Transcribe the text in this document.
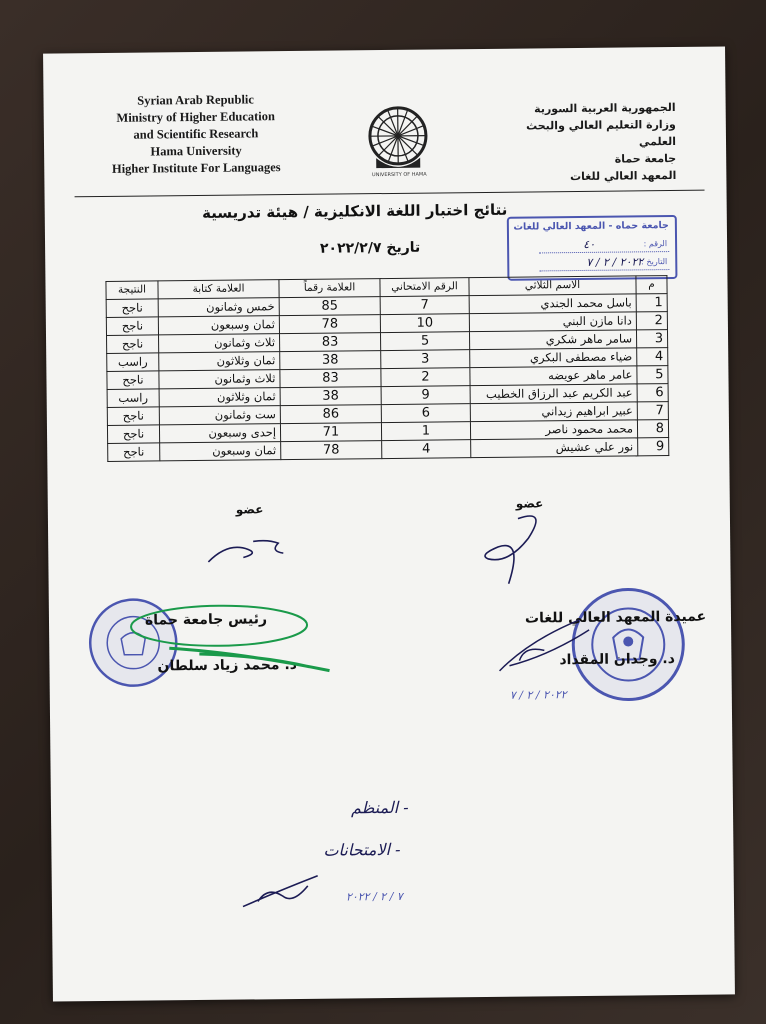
Syrian Arab Republic
Ministry of Higher Education
and Scientific Research
Hama University
Higher Institute For Languages	UNIVERSITY OF HAMA
الجمهورية العربية السورية
وزارة التعليم العالي والبحث العلمي
جامعة حماة
المعهد العالي للغات
نتائج اختبار اللغة الانكليزية / هيئة تدريسية
تاريخ ٢٠٢٢/٢/٧
جامعة حماه - المعهد العالي للغات
الرقم :
٤٠
التاريخ :
٢٠٢٢ / ٢ / ٧
م	الاسم الثلاثي	الرقم الامتحاني	العلامة رقماً	العلامة كتابة	النتيجة
1	باسل محمد الجندي	7	85	خمس وثمانون	ناجح
2	دانا مازن البني	10	78	ثمان وسبعون	ناجح
3	سامر ماهر شكري	5	83	ثلاث وثمانون	ناجح
4	ضياء مصطفى البكري	3	38	ثمان وثلاثون	راسب
5	عامر ماهر عويضه	2	83	ثلاث وثمانون	ناجح
6	عبد الكريم عبد الرزاق الخطيب	9	38	ثمان وثلاثون	راسب
7	عبير ابراهيم زيداني	6	86	ست وثمانون	ناجح
8	محمد محمود ناصر	1	71	إحدى وسبعون	ناجح
9	نور علي عشيش	4	78	ثمان وسبعون	ناجح
عضو
عضو
عميدة المعهد العالي للغات
د. وجدان المقداد
رئيس جامعة حماة
د. محمد زياد سلطان
٢٠٢٢ / ٢ / ٧
- المنظم
- الامتحانات
٧ / ٢ / ٢٠٢٢
